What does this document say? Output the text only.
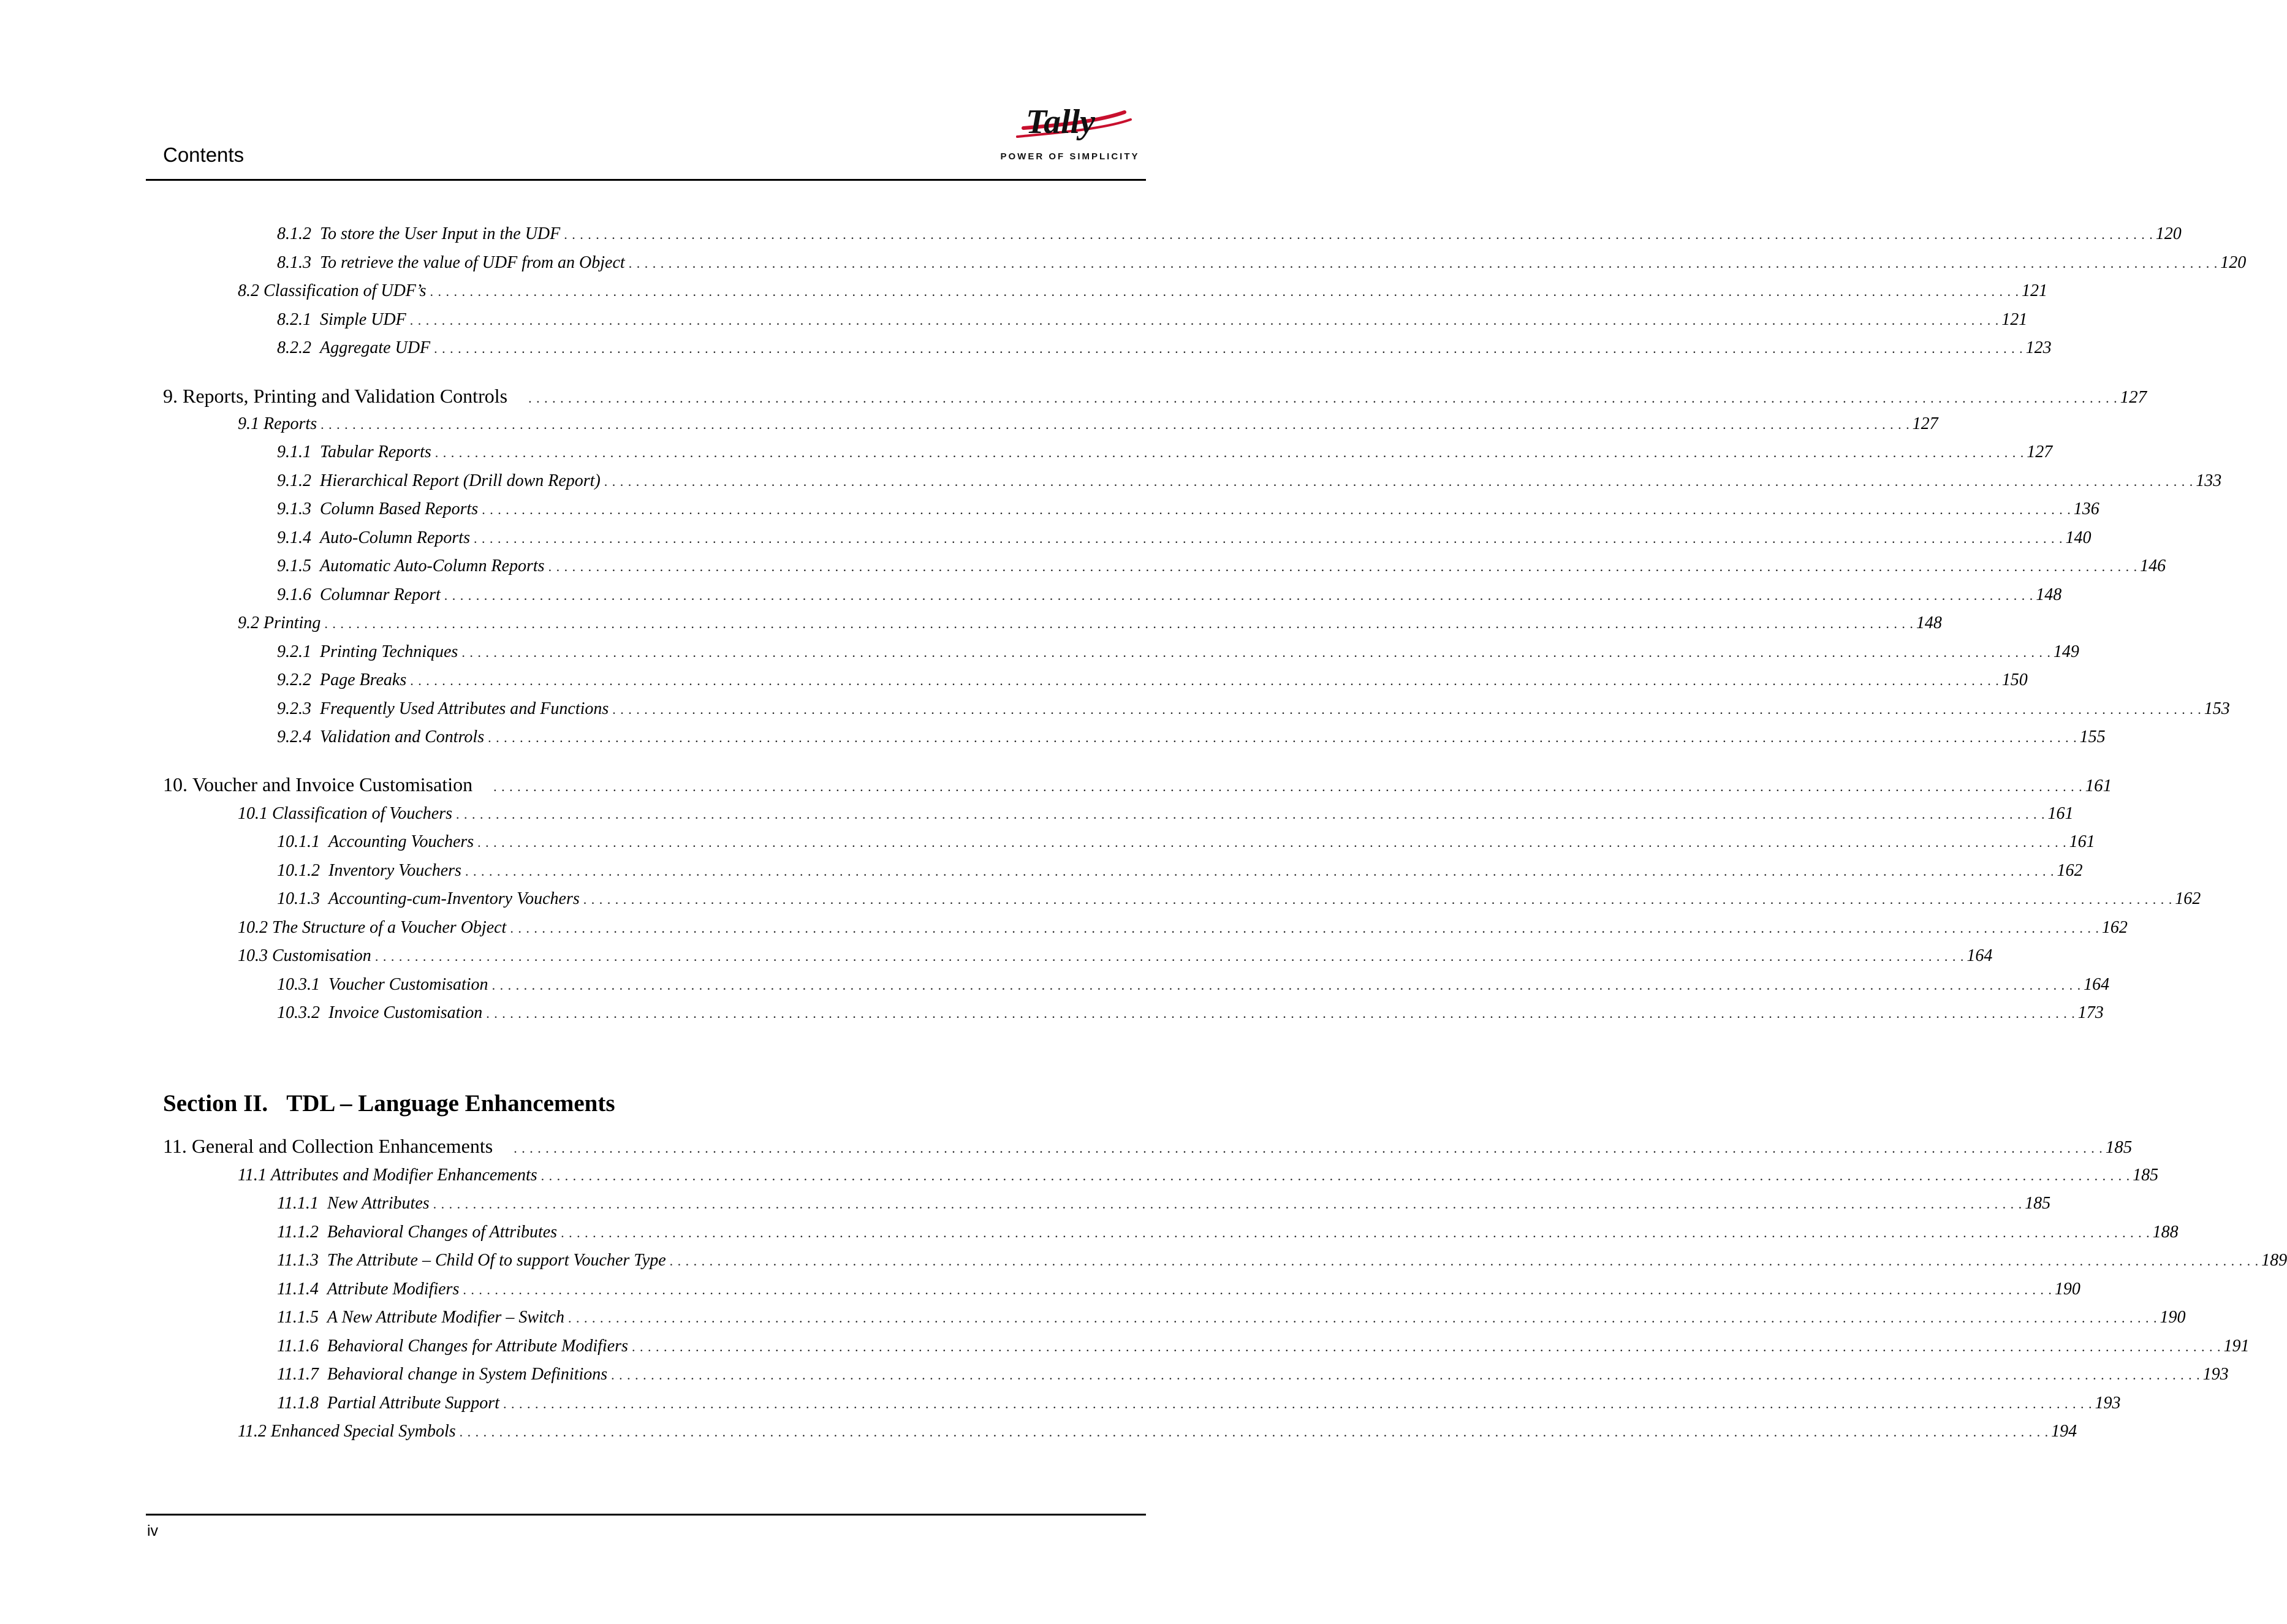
Contents
Tally
POWER OF SIMPLICITY
8.1.2 To store the User Input in the UDF . . . . . . . . . . . . . . . . . . . . . . . . . . . . . . . . . . . . . . . . . . . . . . . . . . . . . . . . . . . . . . . . . . . . . . . . . . . . . . . . . . . . . . . . . . . . . . . . . . . . . . . . . . . . . . . . . . . . . . . . . . . . . . . . . . . . . . . . . . . . . . . . . . . . . . . . . . . . . . . . . . . . . . . . . . . . . . . . . . . . . . . . . . . . . . . . . . . . . . . . 120
8.1.3 To retrieve the value of UDF from an Object . . . . . . . . . . . . . . . . . . . . . . . . . . . . . . . . . . . . . . . . . . . . . . . . . . . . . . . . . . . . . . . . . . . . . . . . . . . . . . . . . . . . . . . . . . . . . . . . . . . . . . . . . . . . . . . . . . . . . . . . . . . . . . . . . . . . . . . . . . . . . . . . . . . . . . . . . . . . . . . . . . . . . . . . . . . . . . . . . . . . . . . . . . . . . . . . . . . . . . . . 120
8.2 Classification of UDF’s . . . . . . . . . . . . . . . . . . . . . . . . . . . . . . . . . . . . . . . . . . . . . . . . . . . . . . . . . . . . . . . . . . . . . . . . . . . . . . . . . . . . . . . . . . . . . . . . . . . . . . . . . . . . . . . . . . . . . . . . . . . . . . . . . . . . . . . . . . . . . . . . . . . . . . . . . . . . . . . . . . . . . . . . . . . . . . . . . . . . . . . . . . . . . . . . . . . . . . . . 121
8.2.1 Simple UDF . . . . . . . . . . . . . . . . . . . . . . . . . . . . . . . . . . . . . . . . . . . . . . . . . . . . . . . . . . . . . . . . . . . . . . . . . . . . . . . . . . . . . . . . . . . . . . . . . . . . . . . . . . . . . . . . . . . . . . . . . . . . . . . . . . . . . . . . . . . . . . . . . . . . . . . . . . . . . . . . . . . . . . . . . . . . . . . . . . . . . . . . . . . . . . . . . . . . . . . . 121
8.2.2 Aggregate UDF . . . . . . . . . . . . . . . . . . . . . . . . . . . . . . . . . . . . . . . . . . . . . . . . . . . . . . . . . . . . . . . . . . . . . . . . . . . . . . . . . . . . . . . . . . . . . . . . . . . . . . . . . . . . . . . . . . . . . . . . . . . . . . . . . . . . . . . . . . . . . . . . . . . . . . . . . . . . . . . . . . . . . . . . . . . . . . . . . . . . . . . . . . . . . . . . . . . . . . . . 123
9. Reports, Printing and Validation Controls	. . . . . . . . . . . . . . . . . . . . . . . . . . . . . . . . . . . . . . . . . . . . . . . . . . . . . . . . . . . . . . . . . . . . . . . . . . . . . . . . . . . . . . . . . . . . . . . . . . . . . . . . . . . . . . . . . . . . . . . . . . . . . . . . . . . . . . . . . . . . . . . . . . . . . . . . . . . . . . . . . . . . . . . . . . . . . . . . . . . . . . . . . . . . . . . . . . . . . . . . 127
9.1 Reports . . . . . . . . . . . . . . . . . . . . . . . . . . . . . . . . . . . . . . . . . . . . . . . . . . . . . . . . . . . . . . . . . . . . . . . . . . . . . . . . . . . . . . . . . . . . . . . . . . . . . . . . . . . . . . . . . . . . . . . . . . . . . . . . . . . . . . . . . . . . . . . . . . . . . . . . . . . . . . . . . . . . . . . . . . . . . . . . . . . . . . . . . . . . . . . . . . . . . . . . 127
9.1.1 Tabular Reports . . . . . . . . . . . . . . . . . . . . . . . . . . . . . . . . . . . . . . . . . . . . . . . . . . . . . . . . . . . . . . . . . . . . . . . . . . . . . . . . . . . . . . . . . . . . . . . . . . . . . . . . . . . . . . . . . . . . . . . . . . . . . . . . . . . . . . . . . . . . . . . . . . . . . . . . . . . . . . . . . . . . . . . . . . . . . . . . . . . . . . . . . . . . . . . . . . . . . . . . 127
9.1.2 Hierarchical Report (Drill down Report) . . . . . . . . . . . . . . . . . . . . . . . . . . . . . . . . . . . . . . . . . . . . . . . . . . . . . . . . . . . . . . . . . . . . . . . . . . . . . . . . . . . . . . . . . . . . . . . . . . . . . . . . . . . . . . . . . . . . . . . . . . . . . . . . . . . . . . . . . . . . . . . . . . . . . . . . . . . . . . . . . . . . . . . . . . . . . . . . . . . . . . . . . . . . . . . . . . . . . . . . 133
9.1.3 Column Based Reports . . . . . . . . . . . . . . . . . . . . . . . . . . . . . . . . . . . . . . . . . . . . . . . . . . . . . . . . . . . . . . . . . . . . . . . . . . . . . . . . . . . . . . . . . . . . . . . . . . . . . . . . . . . . . . . . . . . . . . . . . . . . . . . . . . . . . . . . . . . . . . . . . . . . . . . . . . . . . . . . . . . . . . . . . . . . . . . . . . . . . . . . . . . . . . . . . . . . . . . . 136
9.1.4 Auto-Column Reports . . . . . . . . . . . . . . . . . . . . . . . . . . . . . . . . . . . . . . . . . . . . . . . . . . . . . . . . . . . . . . . . . . . . . . . . . . . . . . . . . . . . . . . . . . . . . . . . . . . . . . . . . . . . . . . . . . . . . . . . . . . . . . . . . . . . . . . . . . . . . . . . . . . . . . . . . . . . . . . . . . . . . . . . . . . . . . . . . . . . . . . . . . . . . . . . . . . . . . . . 140
9.1.5 Automatic Auto-Column Reports . . . . . . . . . . . . . . . . . . . . . . . . . . . . . . . . . . . . . . . . . . . . . . . . . . . . . . . . . . . . . . . . . . . . . . . . . . . . . . . . . . . . . . . . . . . . . . . . . . . . . . . . . . . . . . . . . . . . . . . . . . . . . . . . . . . . . . . . . . . . . . . . . . . . . . . . . . . . . . . . . . . . . . . . . . . . . . . . . . . . . . . . . . . . . . . . . . . . . . . . 146
9.1.6 Columnar Report . . . . . . . . . . . . . . . . . . . . . . . . . . . . . . . . . . . . . . . . . . . . . . . . . . . . . . . . . . . . . . . . . . . . . . . . . . . . . . . . . . . . . . . . . . . . . . . . . . . . . . . . . . . . . . . . . . . . . . . . . . . . . . . . . . . . . . . . . . . . . . . . . . . . . . . . . . . . . . . . . . . . . . . . . . . . . . . . . . . . . . . . . . . . . . . . . . . . . . . . 148
9.2 Printing . . . . . . . . . . . . . . . . . . . . . . . . . . . . . . . . . . . . . . . . . . . . . . . . . . . . . . . . . . . . . . . . . . . . . . . . . . . . . . . . . . . . . . . . . . . . . . . . . . . . . . . . . . . . . . . . . . . . . . . . . . . . . . . . . . . . . . . . . . . . . . . . . . . . . . . . . . . . . . . . . . . . . . . . . . . . . . . . . . . . . . . . . . . . . . . . . . . . . . . . 148
9.2.1 Printing Techniques . . . . . . . . . . . . . . . . . . . . . . . . . . . . . . . . . . . . . . . . . . . . . . . . . . . . . . . . . . . . . . . . . . . . . . . . . . . . . . . . . . . . . . . . . . . . . . . . . . . . . . . . . . . . . . . . . . . . . . . . . . . . . . . . . . . . . . . . . . . . . . . . . . . . . . . . . . . . . . . . . . . . . . . . . . . . . . . . . . . . . . . . . . . . . . . . . . . . . . . . 149
9.2.2 Page Breaks . . . . . . . . . . . . . . . . . . . . . . . . . . . . . . . . . . . . . . . . . . . . . . . . . . . . . . . . . . . . . . . . . . . . . . . . . . . . . . . . . . . . . . . . . . . . . . . . . . . . . . . . . . . . . . . . . . . . . . . . . . . . . . . . . . . . . . . . . . . . . . . . . . . . . . . . . . . . . . . . . . . . . . . . . . . . . . . . . . . . . . . . . . . . . . . . . . . . . . . . 150
9.2.3 Frequently Used Attributes and Functions . . . . . . . . . . . . . . . . . . . . . . . . . . . . . . . . . . . . . . . . . . . . . . . . . . . . . . . . . . . . . . . . . . . . . . . . . . . . . . . . . . . . . . . . . . . . . . . . . . . . . . . . . . . . . . . . . . . . . . . . . . . . . . . . . . . . . . . . . . . . . . . . . . . . . . . . . . . . . . . . . . . . . . . . . . . . . . . . . . . . . . . . . . . . . . . . . . . . . . . . 153
9.2.4 Validation and Controls . . . . . . . . . . . . . . . . . . . . . . . . . . . . . . . . . . . . . . . . . . . . . . . . . . . . . . . . . . . . . . . . . . . . . . . . . . . . . . . . . . . . . . . . . . . . . . . . . . . . . . . . . . . . . . . . . . . . . . . . . . . . . . . . . . . . . . . . . . . . . . . . . . . . . . . . . . . . . . . . . . . . . . . . . . . . . . . . . . . . . . . . . . . . . . . . . . . . . . . . 155
10. Voucher and Invoice Customisation	. . . . . . . . . . . . . . . . . . . . . . . . . . . . . . . . . . . . . . . . . . . . . . . . . . . . . . . . . . . . . . . . . . . . . . . . . . . . . . . . . . . . . . . . . . . . . . . . . . . . . . . . . . . . . . . . . . . . . . . . . . . . . . . . . . . . . . . . . . . . . . . . . . . . . . . . . . . . . . . . . . . . . . . . . . . . . . . . . . . . . . . . . . . . . . . . . . . . . . . . 161
10.1 Classification of Vouchers . . . . . . . . . . . . . . . . . . . . . . . . . . . . . . . . . . . . . . . . . . . . . . . . . . . . . . . . . . . . . . . . . . . . . . . . . . . . . . . . . . . . . . . . . . . . . . . . . . . . . . . . . . . . . . . . . . . . . . . . . . . . . . . . . . . . . . . . . . . . . . . . . . . . . . . . . . . . . . . . . . . . . . . . . . . . . . . . . . . . . . . . . . . . . . . . . . . . . . . . 161
10.1.1 Accounting Vouchers . . . . . . . . . . . . . . . . . . . . . . . . . . . . . . . . . . . . . . . . . . . . . . . . . . . . . . . . . . . . . . . . . . . . . . . . . . . . . . . . . . . . . . . . . . . . . . . . . . . . . . . . . . . . . . . . . . . . . . . . . . . . . . . . . . . . . . . . . . . . . . . . . . . . . . . . . . . . . . . . . . . . . . . . . . . . . . . . . . . . . . . . . . . . . . . . . . . . . . . . 161
10.1.2 Inventory Vouchers . . . . . . . . . . . . . . . . . . . . . . . . . . . . . . . . . . . . . . . . . . . . . . . . . . . . . . . . . . . . . . . . . . . . . . . . . . . . . . . . . . . . . . . . . . . . . . . . . . . . . . . . . . . . . . . . . . . . . . . . . . . . . . . . . . . . . . . . . . . . . . . . . . . . . . . . . . . . . . . . . . . . . . . . . . . . . . . . . . . . . . . . . . . . . . . . . . . . . . . . 162
10.1.3 Accounting-cum-Inventory Vouchers . . . . . . . . . . . . . . . . . . . . . . . . . . . . . . . . . . . . . . . . . . . . . . . . . . . . . . . . . . . . . . . . . . . . . . . . . . . . . . . . . . . . . . . . . . . . . . . . . . . . . . . . . . . . . . . . . . . . . . . . . . . . . . . . . . . . . . . . . . . . . . . . . . . . . . . . . . . . . . . . . . . . . . . . . . . . . . . . . . . . . . . . . . . . . . . . . . . . . . . . 162
10.2 The Structure of a Voucher Object . . . . . . . . . . . . . . . . . . . . . . . . . . . . . . . . . . . . . . . . . . . . . . . . . . . . . . . . . . . . . . . . . . . . . . . . . . . . . . . . . . . . . . . . . . . . . . . . . . . . . . . . . . . . . . . . . . . . . . . . . . . . . . . . . . . . . . . . . . . . . . . . . . . . . . . . . . . . . . . . . . . . . . . . . . . . . . . . . . . . . . . . . . . . . . . . . . . . . . . . 162
10.3 Customisation . . . . . . . . . . . . . . . . . . . . . . . . . . . . . . . . . . . . . . . . . . . . . . . . . . . . . . . . . . . . . . . . . . . . . . . . . . . . . . . . . . . . . . . . . . . . . . . . . . . . . . . . . . . . . . . . . . . . . . . . . . . . . . . . . . . . . . . . . . . . . . . . . . . . . . . . . . . . . . . . . . . . . . . . . . . . . . . . . . . . . . . . . . . . . . . . . . . . . . . . 164
10.3.1 Voucher Customisation . . . . . . . . . . . . . . . . . . . . . . . . . . . . . . . . . . . . . . . . . . . . . . . . . . . . . . . . . . . . . . . . . . . . . . . . . . . . . . . . . . . . . . . . . . . . . . . . . . . . . . . . . . . . . . . . . . . . . . . . . . . . . . . . . . . . . . . . . . . . . . . . . . . . . . . . . . . . . . . . . . . . . . . . . . . . . . . . . . . . . . . . . . . . . . . . . . . . . . . . 164
10.3.2 Invoice Customisation . . . . . . . . . . . . . . . . . . . . . . . . . . . . . . . . . . . . . . . . . . . . . . . . . . . . . . . . . . . . . . . . . . . . . . . . . . . . . . . . . . . . . . . . . . . . . . . . . . . . . . . . . . . . . . . . . . . . . . . . . . . . . . . . . . . . . . . . . . . . . . . . . . . . . . . . . . . . . . . . . . . . . . . . . . . . . . . . . . . . . . . . . . . . . . . . . . . . . . . . 173
11. General and Collection Enhancements	. . . . . . . . . . . . . . . . . . . . . . . . . . . . . . . . . . . . . . . . . . . . . . . . . . . . . . . . . . . . . . . . . . . . . . . . . . . . . . . . . . . . . . . . . . . . . . . . . . . . . . . . . . . . . . . . . . . . . . . . . . . . . . . . . . . . . . . . . . . . . . . . . . . . . . . . . . . . . . . . . . . . . . . . . . . . . . . . . . . . . . . . . . . . . . . . . . . . . . . . 185
11.1 Attributes and Modifier Enhancements . . . . . . . . . . . . . . . . . . . . . . . . . . . . . . . . . . . . . . . . . . . . . . . . . . . . . . . . . . . . . . . . . . . . . . . . . . . . . . . . . . . . . . . . . . . . . . . . . . . . . . . . . . . . . . . . . . . . . . . . . . . . . . . . . . . . . . . . . . . . . . . . . . . . . . . . . . . . . . . . . . . . . . . . . . . . . . . . . . . . . . . . . . . . . . . . . . . . . . . . 185
11.1.1 New Attributes . . . . . . . . . . . . . . . . . . . . . . . . . . . . . . . . . . . . . . . . . . . . . . . . . . . . . . . . . . . . . . . . . . . . . . . . . . . . . . . . . . . . . . . . . . . . . . . . . . . . . . . . . . . . . . . . . . . . . . . . . . . . . . . . . . . . . . . . . . . . . . . . . . . . . . . . . . . . . . . . . . . . . . . . . . . . . . . . . . . . . . . . . . . . . . . . . . . . . . . . 185
11.1.2 Behavioral Changes of Attributes . . . . . . . . . . . . . . . . . . . . . . . . . . . . . . . . . . . . . . . . . . . . . . . . . . . . . . . . . . . . . . . . . . . . . . . . . . . . . . . . . . . . . . . . . . . . . . . . . . . . . . . . . . . . . . . . . . . . . . . . . . . . . . . . . . . . . . . . . . . . . . . . . . . . . . . . . . . . . . . . . . . . . . . . . . . . . . . . . . . . . . . . . . . . . . . . . . . . . . . . 188
11.1.3 The Attribute – Child Of to support Voucher Type . . . . . . . . . . . . . . . . . . . . . . . . . . . . . . . . . . . . . . . . . . . . . . . . . . . . . . . . . . . . . . . . . . . . . . . . . . . . . . . . . . . . . . . . . . . . . . . . . . . . . . . . . . . . . . . . . . . . . . . . . . . . . . . . . . . . . . . . . . . . . . . . . . . . . . . . . . . . . . . . . . . . . . . . . . . . . . . . . . . . . . . . . . . . . . . . . . . . . . . . 189
11.1.4 Attribute Modifiers . . . . . . . . . . . . . . . . . . . . . . . . . . . . . . . . . . . . . . . . . . . . . . . . . . . . . . . . . . . . . . . . . . . . . . . . . . . . . . . . . . . . . . . . . . . . . . . . . . . . . . . . . . . . . . . . . . . . . . . . . . . . . . . . . . . . . . . . . . . . . . . . . . . . . . . . . . . . . . . . . . . . . . . . . . . . . . . . . . . . . . . . . . . . . . . . . . . . . . . . 190
11.1.5 A New Attribute Modifier – Switch . . . . . . . . . . . . . . . . . . . . . . . . . . . . . . . . . . . . . . . . . . . . . . . . . . . . . . . . . . . . . . . . . . . . . . . . . . . . . . . . . . . . . . . . . . . . . . . . . . . . . . . . . . . . . . . . . . . . . . . . . . . . . . . . . . . . . . . . . . . . . . . . . . . . . . . . . . . . . . . . . . . . . . . . . . . . . . . . . . . . . . . . . . . . . . . . . . . . . . . . 190
11.1.6 Behavioral Changes for Attribute Modifiers . . . . . . . . . . . . . . . . . . . . . . . . . . . . . . . . . . . . . . . . . . . . . . . . . . . . . . . . . . . . . . . . . . . . . . . . . . . . . . . . . . . . . . . . . . . . . . . . . . . . . . . . . . . . . . . . . . . . . . . . . . . . . . . . . . . . . . . . . . . . . . . . . . . . . . . . . . . . . . . . . . . . . . . . . . . . . . . . . . . . . . . . . . . . . . . . . . . . . . . . 191
11.1.7 Behavioral change in System Definitions . . . . . . . . . . . . . . . . . . . . . . . . . . . . . . . . . . . . . . . . . . . . . . . . . . . . . . . . . . . . . . . . . . . . . . . . . . . . . . . . . . . . . . . . . . . . . . . . . . . . . . . . . . . . . . . . . . . . . . . . . . . . . . . . . . . . . . . . . . . . . . . . . . . . . . . . . . . . . . . . . . . . . . . . . . . . . . . . . . . . . . . . . . . . . . . . . . . . . . . . 193
11.1.8 Partial Attribute Support . . . . . . . . . . . . . . . . . . . . . . . . . . . . . . . . . . . . . . . . . . . . . . . . . . . . . . . . . . . . . . . . . . . . . . . . . . . . . . . . . . . . . . . . . . . . . . . . . . . . . . . . . . . . . . . . . . . . . . . . . . . . . . . . . . . . . . . . . . . . . . . . . . . . . . . . . . . . . . . . . . . . . . . . . . . . . . . . . . . . . . . . . . . . . . . . . . . . . . . . 193
11.2 Enhanced Special Symbols . . . . . . . . . . . . . . . . . . . . . . . . . . . . . . . . . . . . . . . . . . . . . . . . . . . . . . . . . . . . . . . . . . . . . . . . . . . . . . . . . . . . . . . . . . . . . . . . . . . . . . . . . . . . . . . . . . . . . . . . . . . . . . . . . . . . . . . . . . . . . . . . . . . . . . . . . . . . . . . . . . . . . . . . . . . . . . . . . . . . . . . . . . . . . . . . . . . . . . . . 194
Section II. TDL – Language Enhancements
iv
